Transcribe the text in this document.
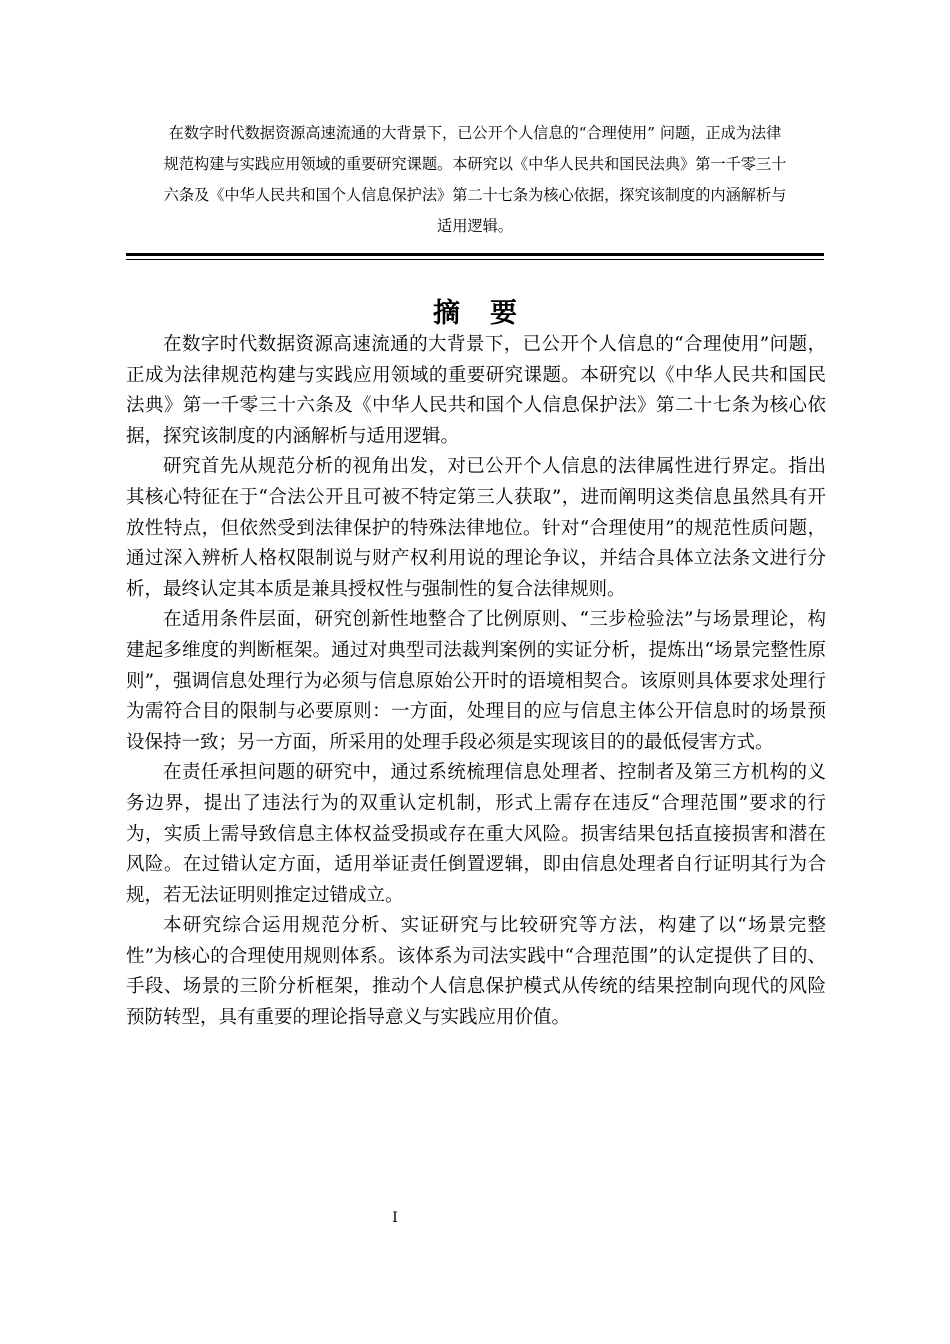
在数字时代数据资源高速流通的大背景下，已公开个人信息的“合理使用” 问题，正成为法律
规范构建与实践应用领域的重要研究课题。本研究以《中华人民共和国民法典》第一千零三十
六条及《中华人民共和国个人信息保护法》第二十七条为核心依据，探究该制度的内涵解析与
适用逻辑。
摘要

在数字时代数据资源高速流通的大背景下，已公开个人信息的“合理使用”问题，正成为法律规范构建与实践应用领域的重要研究课题。本研究以《中华人民共和国民法典》第一千零三十六条及《中华人民共和国个人信息保护法》第二十七条为核心依据，探究该制度的内涵解析与适用逻辑。

研究首先从规范分析的视角出发，对已公开个人信息的法律属性进行界定。指出其核心特征在于“合法公开且可被不特定第三人获取”，进而阐明这类信息虽然具有开放性特点，但依然受到法律保护的特殊法律地位。针对“合理使用”的规范性质问题，通过深入辨析人格权限制说与财产权利用说的理论争议，并结合具体立法条文进行分析，最终认定其本质是兼具授权性与强制性的复合法律规则。

在适用条件层面，研究创新性地整合了比例原则、“三步检验法”与场景理论，构建起多维度的判断框架。通过对典型司法裁判案例的实证分析，提炼出“场景完整性原则”，强调信息处理行为必须与信息原始公开时的语境相契合。该原则具体要求处理行为需符合目的限制与必要原则：一方面，处理目的应与信息主体公开信息时的场景预设保持一致；另一方面，所采用的处理手段必须是实现该目的的最低侵害方式。

在责任承担问题的研究中，通过系统梳理信息处理者、控制者及第三方机构的义务边界，提出了违法行为的双重认定机制，形式上需存在违反“合理范围”要求的行为，实质上需导致信息主体权益受损或存在重大风险。损害结果包括直接损害和潜在风险。在过错认定方面，适用举证责任倒置逻辑，即由信息处理者自行证明其行为合规，若无法证明则推定过错成立。

本研究综合运用规范分析、实证研究与比较研究等方法，构建了以“场景完整性”为核心的合理使用规则体系。该体系为司法实践中“合理范围”的认定提供了目的、手段、场景的三阶分析框架，推动个人信息保护模式从传统的结果控制向现代的风险预防转型，具有重要的理论指导意义与实践应用价值。

I
